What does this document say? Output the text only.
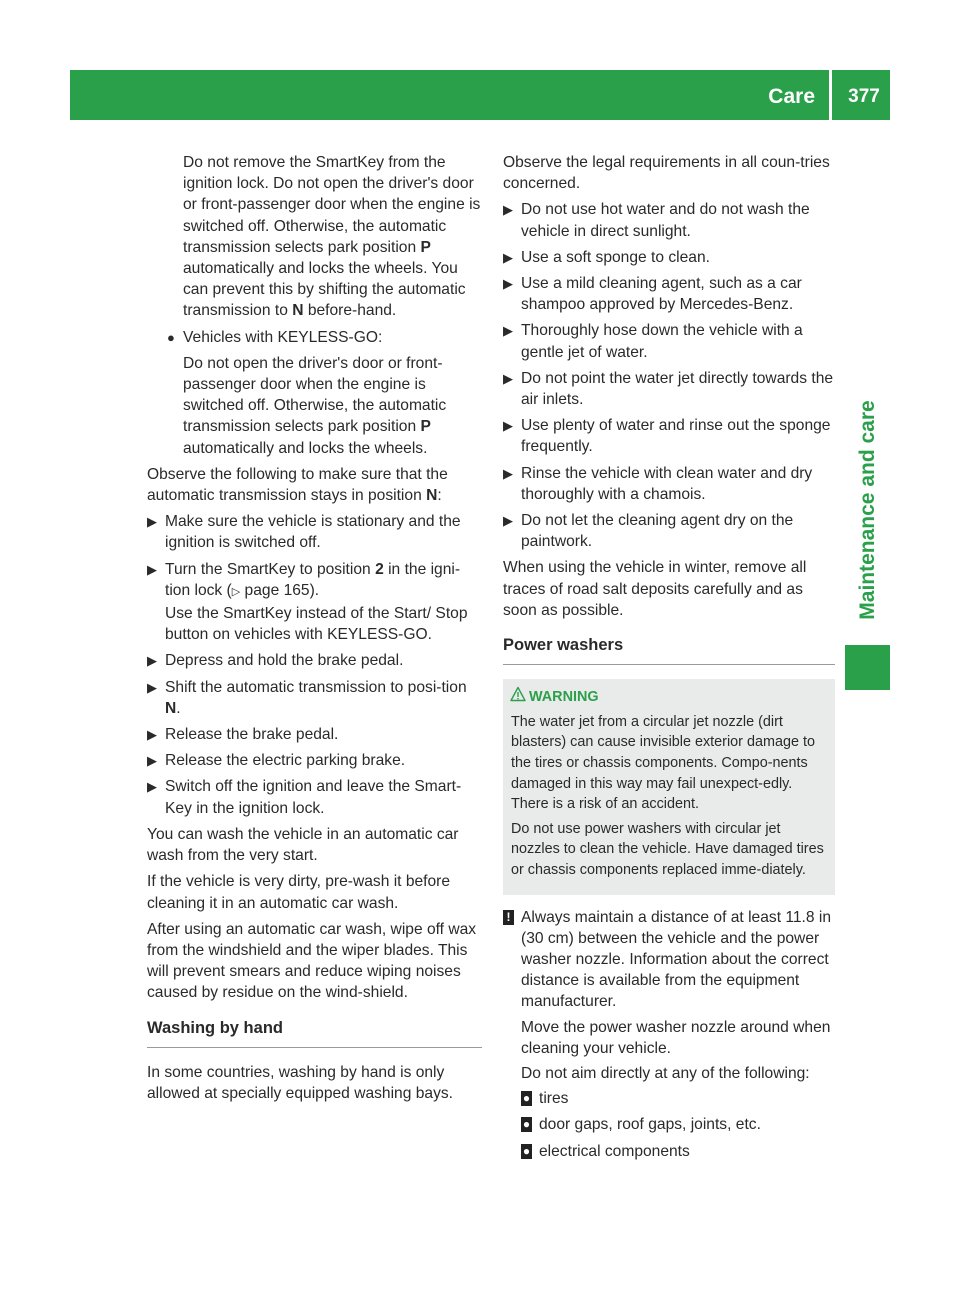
Care	377
Maintenance and care

Do not remove the SmartKey from the ignition lock. Do not open the driver's door or front-passenger door when the engine is switched off. Otherwise, the automatic transmission selects park position P automatically and locks the wheels. You can prevent this by shifting the automatic transmission to N before-hand.

● Vehicles with KEYLESS-GO:

Do not open the driver's door or front-passenger door when the engine is switched off. Otherwise, the automatic transmission selects park position P automatically and locks the wheels.

Observe the following to make sure that the automatic transmission stays in position N:

▶ Make sure the vehicle is stationary and the ignition is switched off.
▶ Turn the SmartKey to position 2 in the igni-tion lock (▷ page 165).
Use the SmartKey instead of the Start/ Stop button on vehicles with KEYLESS-GO.
▶ Depress and hold the brake pedal.
▶ Shift the automatic transmission to posi-tion N.
▶ Release the brake pedal.
▶ Release the electric parking brake.
▶ Switch off the ignition and leave the Smart-Key in the ignition lock.

You can wash the vehicle in an automatic car wash from the very start.

If the vehicle is very dirty, pre-wash it before cleaning it in an automatic car wash.

After using an automatic car wash, wipe off wax from the windshield and the wiper blades. This will prevent smears and reduce wiping noises caused by residue on the wind-shield.

Washing by hand

In some countries, washing by hand is only allowed at specially equipped washing bays.

Observe the legal requirements in all coun-tries concerned.

▶ Do not use hot water and do not wash the vehicle in direct sunlight.
▶ Use a soft sponge to clean.
▶ Use a mild cleaning agent, such as a car shampoo approved by Mercedes-Benz.
▶ Thoroughly hose down the vehicle with a gentle jet of water.
▶ Do not point the water jet directly towards the air inlets.
▶ Use plenty of water and rinse out the sponge frequently.
▶ Rinse the vehicle with clean water and dry thoroughly with a chamois.
▶ Do not let the cleaning agent dry on the paintwork.

When using the vehicle in winter, remove all traces of road salt deposits carefully and as soon as possible.

Power washers
WARNING

The water jet from a circular jet nozzle (dirt blasters) can cause invisible exterior damage to the tires or chassis components. Compo-nents damaged in this way may fail unexpect-edly. There is a risk of an accident.

Do not use power washers with circular jet nozzles to clean the vehicle. Have damaged tires or chassis components replaced imme-diately.

! Always maintain a distance of at least 11.8 in (30 cm) between the vehicle and the power washer nozzle. Information about the correct distance is available from the equipment manufacturer.

Move the power washer nozzle around when cleaning your vehicle.

Do not aim directly at any of the following:

● tires
● door gaps, roof gaps, joints, etc.
● electrical components
